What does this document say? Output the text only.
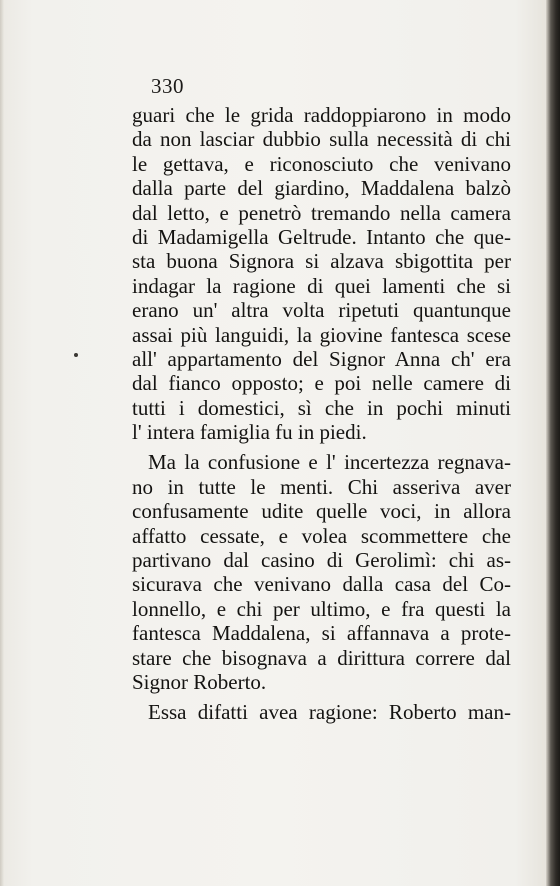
330

guari che le grida raddoppiarono in modo
da non lasciar dubbio sulla necessità di chi
le gettava, e riconosciuto che venivano
dalla parte del giardino, Maddalena balzò
dal letto, e penetrò tremando nella camera
di Madamigella Geltrude. Intanto che que-
sta buona Signora si alzava sbigottita per
indagar la ragione di quei lamenti che si
erano un' altra volta ripetuti quantunque
assai più languidi, la giovine fantesca scese
all' appartamento del Signor Anna ch' era
dal fianco opposto; e poi nelle camere di
tutti i domestici, sì che in pochi minuti
l' intera famiglia fu in piedi.
Ma la confusione e l' incertezza regnava-
no in tutte le menti. Chi asseriva aver
confusamente udite quelle voci, in allora
affatto cessate, e volea scommettere che
partivano dal casino di Gerolimì: chi as-
sicurava che venivano dalla casa del Co-
lonnello, e chi per ultimo, e fra questi la
fantesca Maddalena, si affannava a prote-
stare che bisognava a dirittura correre dal
Signor Roberto.
Essa difatti avea ragione: Roberto man-
